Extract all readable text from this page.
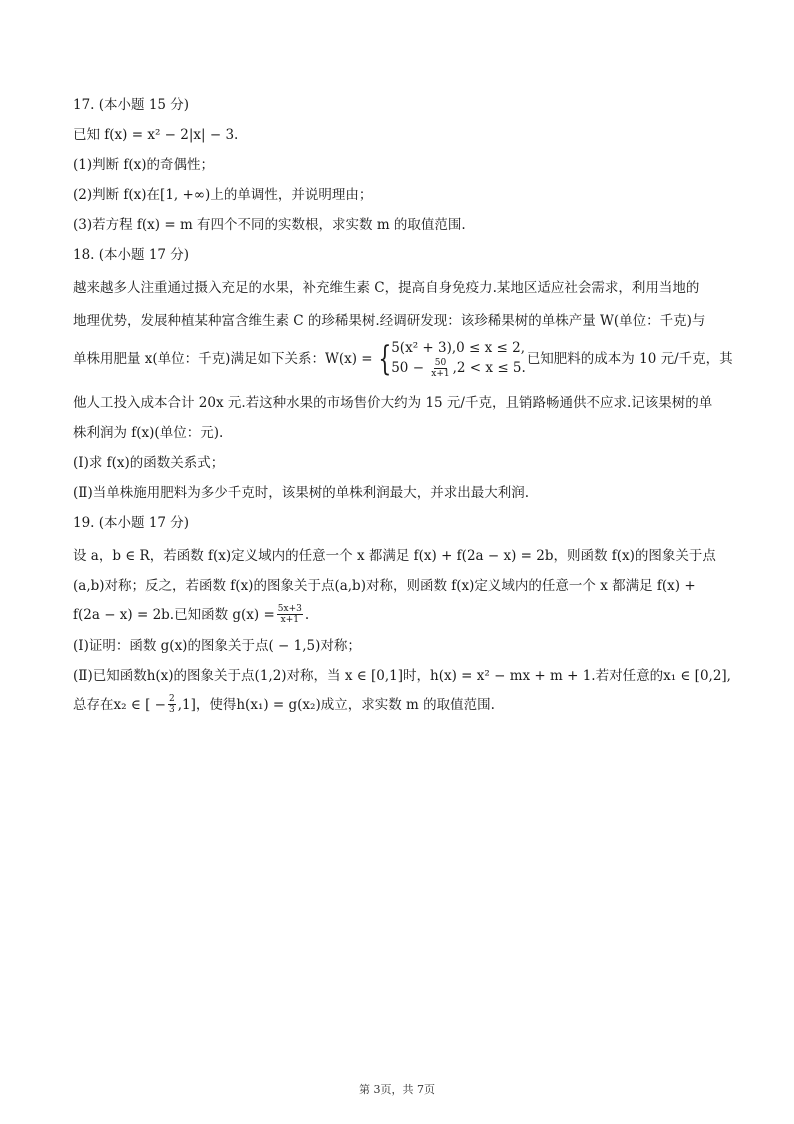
17. (本小题 15 分)

已知 f(x) = x² − 2|x| − 3.

(1)判断 f(x)的奇偶性；

(2)判断 f(x)在[1, +∞)上的单调性，并说明理由；

(3)若方程 f(x) = m 有四个不同的实数根，求实数 m 的取值范围.

18. (本小题 17 分)

越来越多人注重通过摄入充足的水果，补充维生素 C，提高自身免疫力.某地区适应社会需求，利用当地的

地理优势，发展种植某种富含维生素 C 的珍稀果树.经调研发现：该珍稀果树的单株产量 W(单位：千克)与

单株用肥量 x(单位：千克)满足如下关系：W(x) = { 5(x² + 3),0 ≤ x ≤ 2,
$50 - \frac{50}{x+1} ,2 < x \le 5$.
已知肥料的成本为 10 元/千克，其

他人工投入成本合计 20x 元.若这种水果的市场售价大约为 15 元/千克，且销路畅通供不应求.记该果树的单

株利润为 f(x)(单位：元).

(Ⅰ)求 f(x)的函数关系式；

(Ⅱ)当单株施用肥料为多少千克时，该果树的单株利润最大，并求出最大利润.

19. (本小题 17 分)

设 a，b ∈ R，若函数 f(x)定义域内的任意一个 x 都满足 f(x) + f(2a − x) = 2b，则函数 f(x)的图象关于点

(a,b)对称；反之，若函数 f(x)的图象关于点(a,b)对称，则函数 f(x)定义域内的任意一个 x 都满足 f(x) +

f(2a − x) = 2b.已知函数 $g(x) = \frac{5x+3}{x+1}$ .

(Ⅰ)证明：函数 g(x)的图象关于点( − 1,5)对称；

(Ⅱ)已知函数h(x)的图象关于点(1,2)对称，当 x ∈ [0,1]时，h(x) = x² − mx + m + 1.若对任意的x₁ ∈ [0,2],

总存在x₂ ∈ [ − $\frac{2}{3} ,1$]，使得h(x₁) = g(x₂)成立，求实数 m 的取值范围.

第 3页，共 7页
